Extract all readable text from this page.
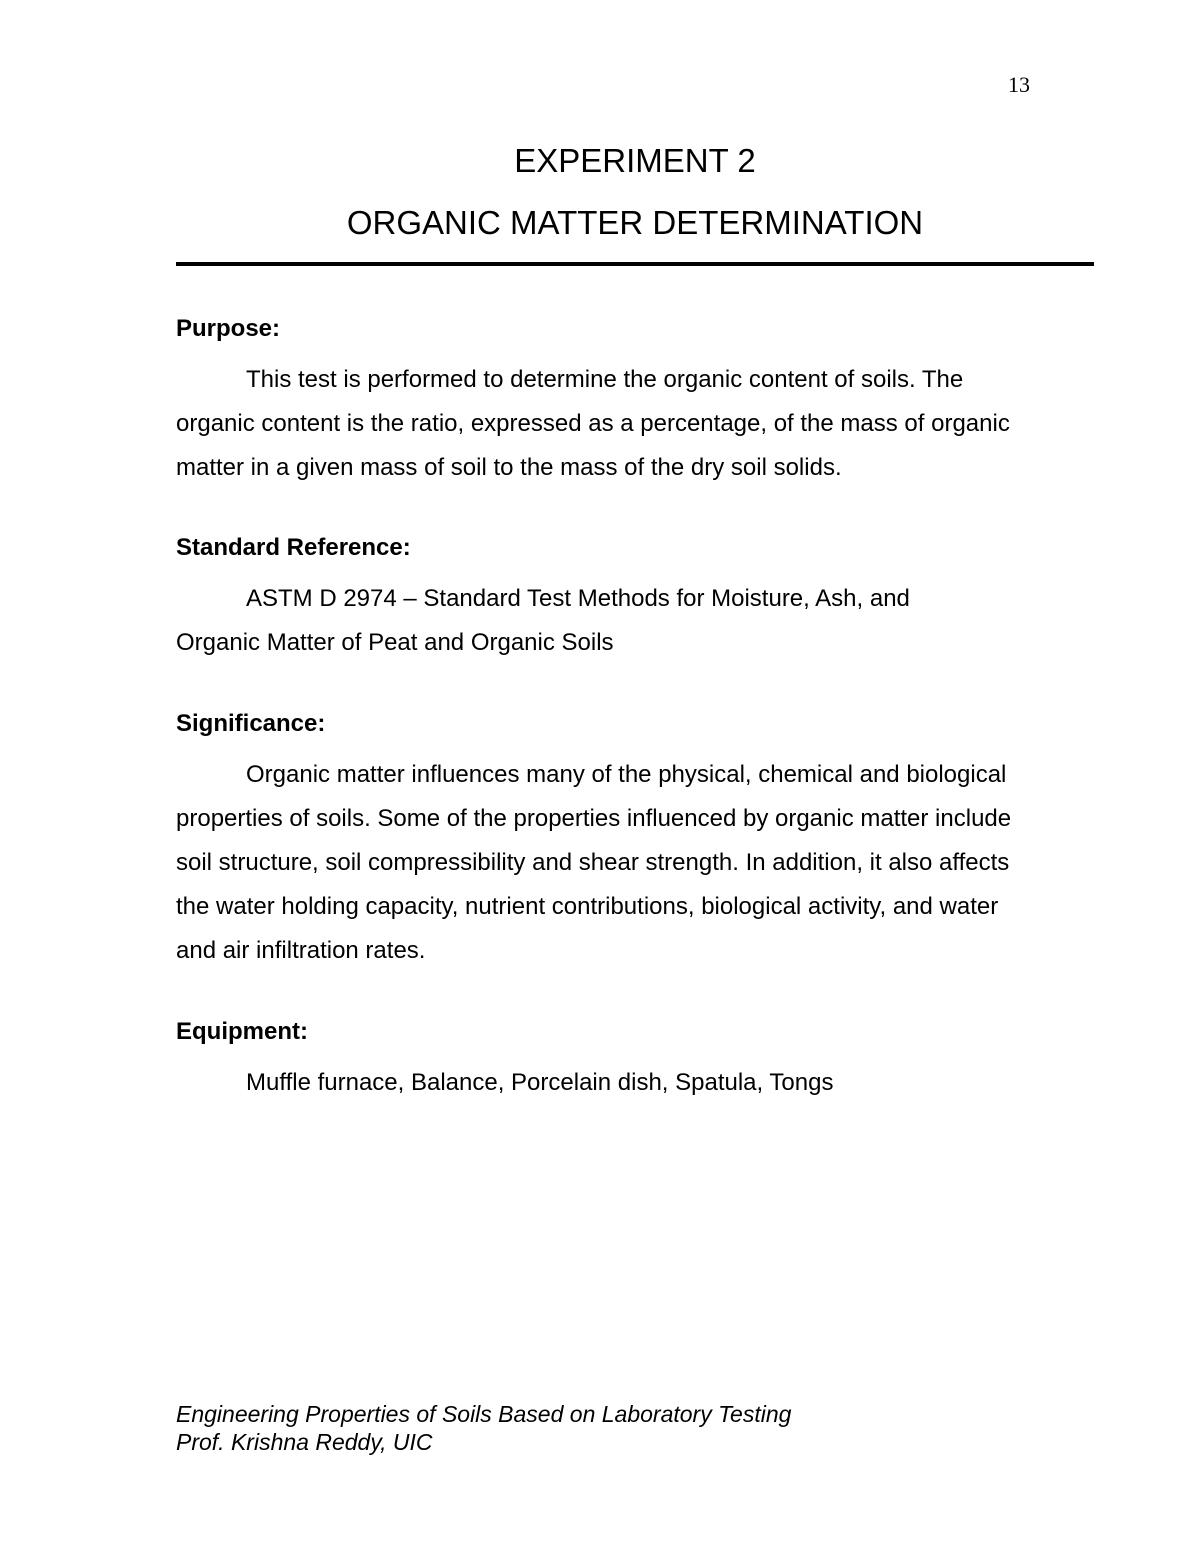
13
EXPERIMENT 2
ORGANIC MATTER DETERMINATION

Purpose:

This test is performed to determine the organic content of soils. The organic content is the ratio, expressed as a percentage, of the mass of organic matter in a given mass of soil to the mass of the dry soil solids.

Standard Reference:

ASTM D 2974 – Standard Test Methods for Moisture, Ash, and Organic Matter of Peat and Organic Soils

Significance:

Organic matter influences many of the physical, chemical and biological properties of soils. Some of the properties influenced by organic matter include soil structure, soil compressibility and shear strength. In addition, it also affects the water holding capacity, nutrient contributions, biological activity, and water and air infiltration rates.

Equipment:

Muffle furnace, Balance, Porcelain dish, Spatula, Tongs

Engineering Properties of Soils Based on Laboratory Testing
Prof. Krishna Reddy, UIC
